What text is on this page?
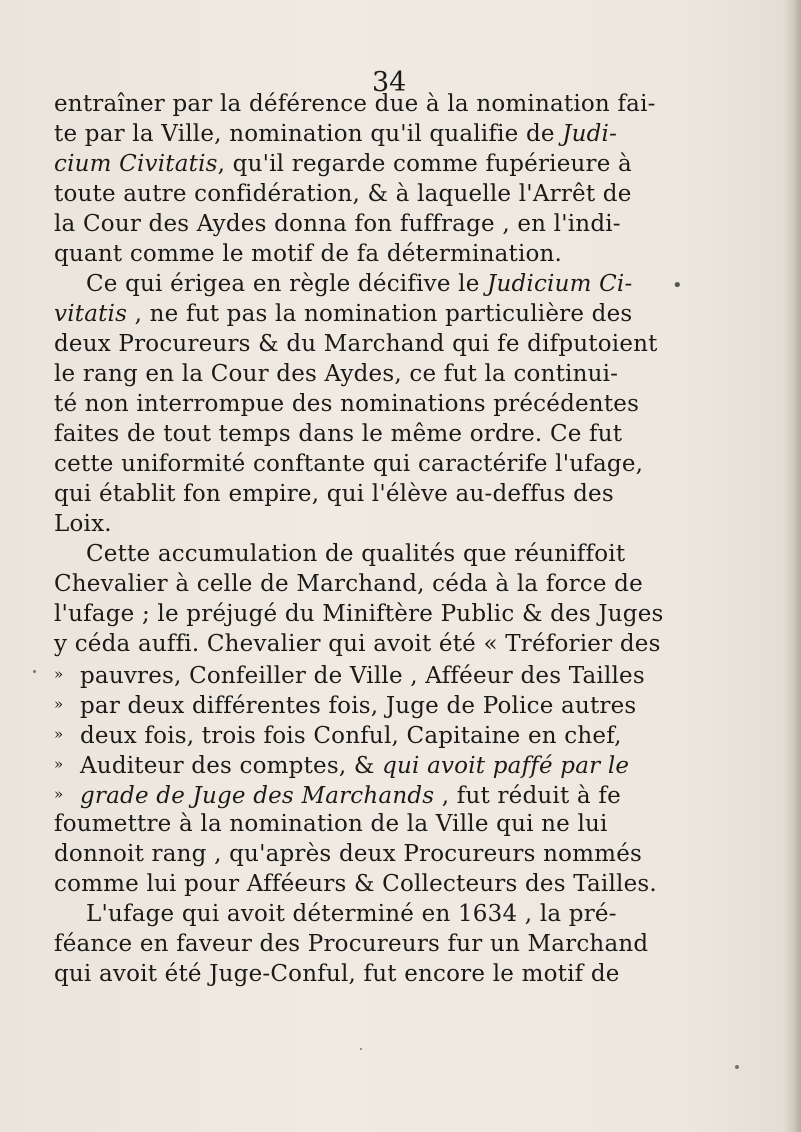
34
entraîner par la déférence due à la nomination fai-
te par la Ville, nomination qu'il qualifie de Judi-
cium Civitatis, qu'il regarde comme fupérieure à
toute autre confidération, & à laquelle l'Arrêt de
la Cour des Aydes donna fon fuffrage , en l'indi-
quant comme le motif de fa détermination.
Ce qui érigea en règle décifive le Judicium Ci-
vitatis , ne fut pas la nomination particulière des
deux Procureurs & du Marchand qui fe difputoient
le rang en la Cour des Aydes, ce fut la continui-
té non interrompue des nominations précédentes
faites de tout temps dans le même ordre. Ce fut
cette uniformité conftante qui caractérife l'ufage,
qui établit fon empire, qui l'élève au-deffus des
Loix.
Cette accumulation de qualités que réuniffoit
Chevalier à celle de Marchand, céda à la force de
l'ufage ; le préjugé du Miniftère Public & des Juges
y céda auffi. Chevalier qui avoit été « Tréforier des
» pauvres, Confeiller de Ville , Afféeur des Tailles
» par deux différentes fois, Juge de Police autres
» deux fois, trois fois Conful, Capitaine en chef,
» Auditeur des comptes, & qui avoit paffé par le
» grade de Juge des Marchands , fut réduit à fe
foumettre à la nomination de la Ville qui ne lui
donnoit rang , qu'après deux Procureurs nommés
comme lui pour Afféeurs & Collecteurs des Tailles.
L'ufage qui avoit déterminé en 1634 , la pré-
féance en faveur des Procureurs fur un Marchand
qui avoit été Juge-Conful, fut encore le motif de
•
